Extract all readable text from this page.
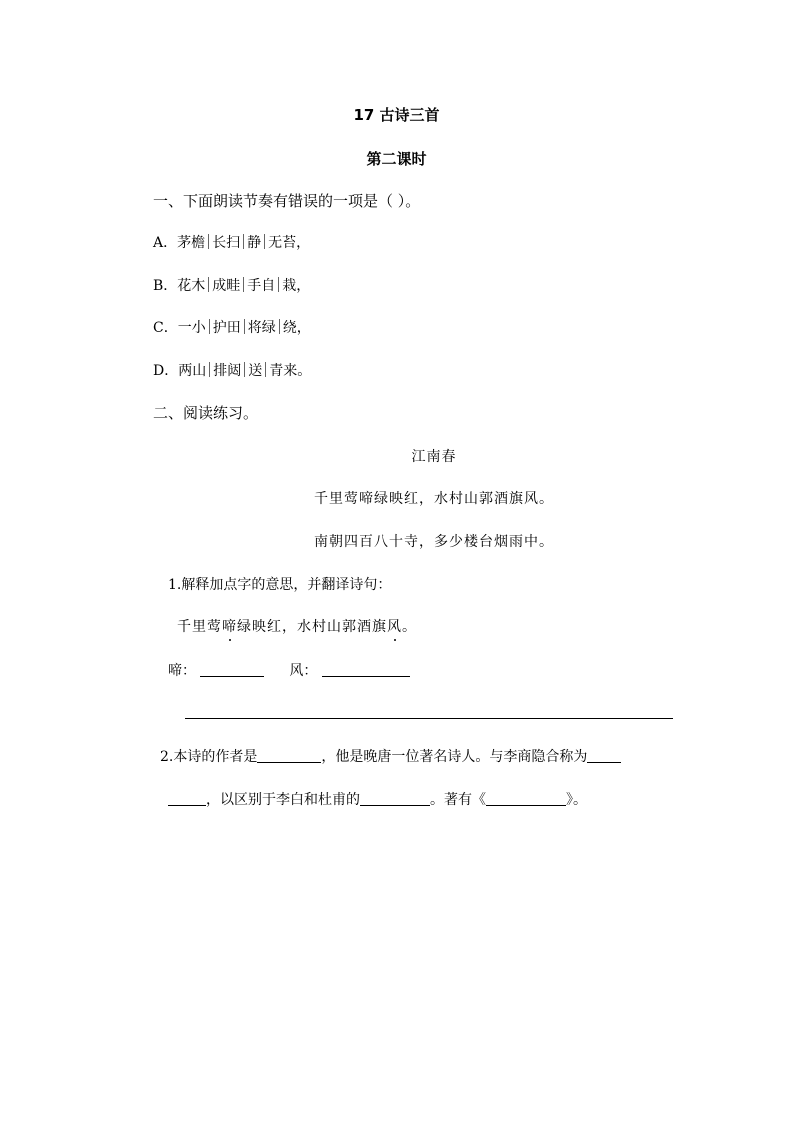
17 古诗三首
第二课时
一、下面朗读节奏有错误的一项是（ ）。
A．茅檐 长扫 静 无苔，
B．花木 成畦 手自 栽，
C．一小 护田 将绿 绕，
D．两山 排闼 送 青来。
二、阅读练习。
江南春
千里莺啼绿映红，水村山郭酒旗风。
南朝四百八十寺，多少楼台烟雨中。
1.解释加点字的意思，并翻译诗句：
千里莺啼绿映红，水村山郭酒旗风。
啼：	风：
2.本诗的作者是	，他是晚唐一位著名诗人。与李商隐合称为
，以区别于李白和杜甫的	。著有《	》。
